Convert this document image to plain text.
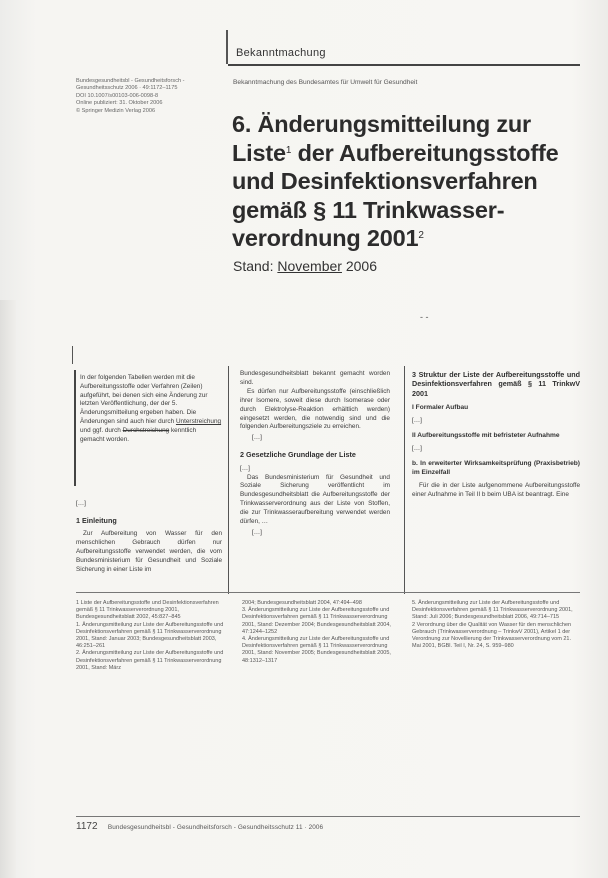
Bekanntmachung
Bundesgesundheitsbl - Gesundheitsforsch -
Gesundheitsschutz 2006 · 49:1172–1175
DOI 10.1007/s00103-006-0098-8
Online publiziert: 31. Oktober 2006
© Springer Medizin Verlag 2006
Bekanntmachung des Bundesamtes für Umwelt für Gesundheit
6. Änderungsmitteilung zur
Liste$^1$ der Aufbereitungsstoffe
und Desinfektionsverfahren
gemäß § 11 Trinkwasser-
verordnung 2001$^2$
Stand: November 2006
- -
In der folgenden Tabellen werden mit die Aufbereitungsstoffe oder Verfahren (Zeilen) aufgeführt, bei denen sich eine Änderung zur letzten Veröffentlichung, der der 5. Änderungsmitteilung ergeben haben. Die Änderungen sind auch hier durch Unterstreichung und ggf. durch Durchstreichung kenntlich gemacht worden.

[…]

1 Einleitung

Zur Aufbereitung von Wasser für den menschlichen Gebrauch dürfen nur Aufbereitungsstoffe verwendet werden, die vom Bundesministerium für Gesundheit und Soziale Sicherung in einer Liste im

Bundesgesundheitsblatt bekannt gemacht worden sind.

Es dürfen nur Aufbereitungsstoffe (einschließlich ihrer Isomere, soweit diese durch Isomerase oder durch Elektrolyse-Reaktion erhältlich werden) eingesetzt werden, die notwendig sind und die folgenden Aufbereitungsziele zu erreichen.

[…]

2 Gesetzliche Grundlage der Liste

[…]

Das Bundesministerium für Gesundheit und Soziale Sicherung veröffentlicht im Bundesgesundheitsblatt die Aufbereitungsstoffe der Trinkwasserverordnung aus der Liste von Stoffen, die zur Trinkwasseraufbereitung verwendet werden dürfen, …

[…]

3 Struktur der Liste der Aufbereitungsstoffe und Desinfektionsverfahren gemäß § 11 TrinkwV 2001
I Formaler Aufbau

[…]

II Aufbereitungsstoffe mit befristeter Aufnahme

[…]

b. In erweiterter Wirksamkeitsprüfung (Praxisbetrieb) im Einzelfall

Für die in der Liste aufgenommene Aufbereitungsstoffe einer Aufnahme in Teil II b beim UBA ist beantragt. Eine

1 Liste der Aufbereitungsstoffe und Desinfektionsverfahren gemäß § 11 Trinkwasserverordnung 2001, Bundesgesundheitsblatt 2002, 45:827–845

1. Änderungsmitteilung zur Liste der Aufbereitungsstoffe und Desinfektionsverfahren gemäß § 11 Trinkwasserverordnung 2001, Stand: Januar 2003; Bundesgesundheitsblatt 2003, 46:251–261

2. Änderungsmitteilung zur Liste der Aufbereitungsstoffe und Desinfektionsverfahren gemäß § 11 Trinkwasserverordnung 2001, Stand: März

2004; Bundesgesundheitsblatt 2004, 47:494–498

3. Änderungsmitteilung zur Liste der Aufbereitungsstoffe und Desinfektionsverfahren gemäß § 11 Trinkwasserverordnung 2001, Stand: Dezember 2004; Bundesgesundheitsblatt 2004, 47:1244–1252

4. Änderungsmitteilung zur Liste der Aufbereitungsstoffe und Desinfektionsverfahren gemäß § 11 Trinkwasserverordnung 2001, Stand: November 2005; Bundesgesundheitsblatt 2005, 48:1312–1317

5. Änderungsmitteilung zur Liste der Aufbereitungsstoffe und Desinfektionsverfahren gemäß § 11 Trinkwasserverordnung 2001, Stand: Juli 2006; Bundesgesundheitsblatt 2006, 49:714–715

2 Verordnung über die Qualität von Wasser für den menschlichen Gebrauch (Trinkwasserverordnung – TrinkwV 2001), Artikel 1 der Verordnung zur Novellierung der Trinkwasserverordnung vom 21. Mai 2001, BGBl. Teil I, Nr. 24, S. 959–980

1172 Bundesgesundheitsbl - Gesundheitsforsch - Gesundheitsschutz 11 · 2006
